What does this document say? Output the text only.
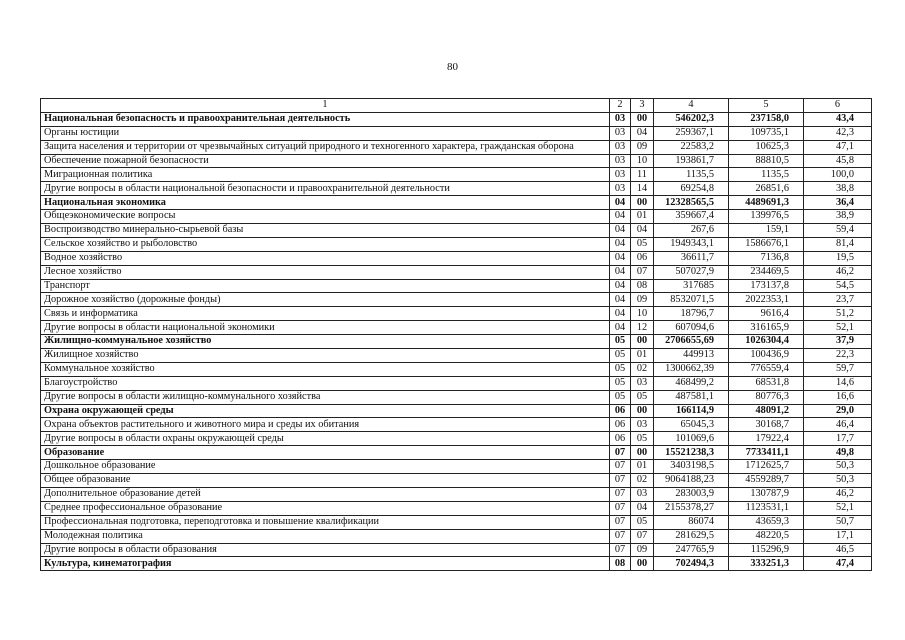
80
1	2	3	4	5	6
Национальная безопасность и правоохранительная деятельность	03	00	546202,3	237158,0	43,4
Органы юстиции	03	04	259367,1	109735,1	42,3
Защита населения и территории от чрезвычайных ситуаций природного и техногенного характера, гражданская оборона	03	09	22583,2	10625,3	47,1
Обеспечение пожарной безопасности	03	10	193861,7	88810,5	45,8
Миграционная политика	03	11	1135,5	1135,5	100,0
Другие вопросы в области национальной безопасности и правоохранительной деятельности	03	14	69254,8	26851,6	38,8
Национальная экономика	04	00	12328565,5	4489691,3	36,4
Общеэкономические вопросы	04	01	359667,4	139976,5	38,9
Воспроизводство минерально-сырьевой базы	04	04	267,6	159,1	59,4
Сельское хозяйство и рыболовство	04	05	1949343,1	1586676,1	81,4
Водное хозяйство	04	06	36611,7	7136,8	19,5
Лесное хозяйство	04	07	507027,9	234469,5	46,2
Транспорт	04	08	317685	173137,8	54,5
Дорожное хозяйство (дорожные фонды)	04	09	8532071,5	2022353,1	23,7
Связь и информатика	04	10	18796,7	9616,4	51,2
Другие вопросы в области национальной экономики	04	12	607094,6	316165,9	52,1
Жилищно-коммунальное хозяйство	05	00	2706655,69	1026304,4	37,9
Жилищное хозяйство	05	01	449913	100436,9	22,3
Коммунальное хозяйство	05	02	1300662,39	776559,4	59,7
Благоустройство	05	03	468499,2	68531,8	14,6
Другие вопросы в области жилищно-коммунального хозяйства	05	05	487581,1	80776,3	16,6
Охрана окружающей среды	06	00	166114,9	48091,2	29,0
Охрана объектов растительного и животного мира и среды их обитания	06	03	65045,3	30168,7	46,4
Другие вопросы в области охраны окружающей среды	06	05	101069,6	17922,4	17,7
Образование	07	00	15521238,3	7733411,1	49,8
Дошкольное образование	07	01	3403198,5	1712625,7	50,3
Общее образование	07	02	9064188,23	4559289,7	50,3
Дополнительное образование детей	07	03	283003,9	130787,9	46,2
Среднее профессиональное образование	07	04	2155378,27	1123531,1	52,1
Профессиональная подготовка, переподготовка и повышение квалификации	07	05	86074	43659,3	50,7
Молодежная политика	07	07	281629,5	48220,5	17,1
Другие вопросы в области образования	07	09	247765,9	115296,9	46,5
Культура, кинематография	08	00	702494,3	333251,3	47,4
